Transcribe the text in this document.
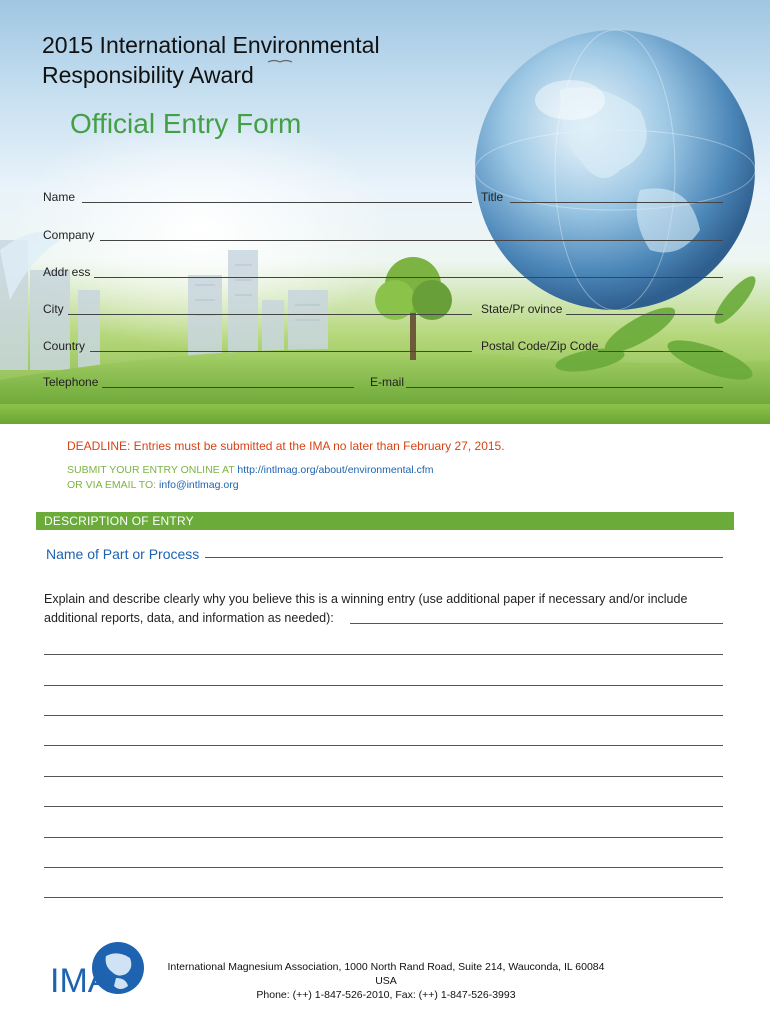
2015 International Environmental
Responsibility Award
Official Entry Form
Name	Title
Company
Addr ess
City	State/Pr ovince
Country	Postal Code/Zip Code
Telephone	E-mail
DEADLINE: Entries must be submitted at the IMA no later than February 27, 2015.
SUBMIT YOUR ENTRY ONLINE AT http://intlmag.org/about/environmental.cfm
OR VIA EMAIL TO: info@intlmag.org
DESCRIPTION OF ENTRY
Name of Part or Process
Explain and describe clearly why you believe this is a winning entry (use additional paper if necessary and/or include additional reports, data, and information as needed):
IMA	International Magnesium Association, 1000 North Rand Road, Suite 214, Wauconda, IL 60084 USA
Phone: (++) 1-847-526-2010, Fax: (++) 1-847-526-3993
